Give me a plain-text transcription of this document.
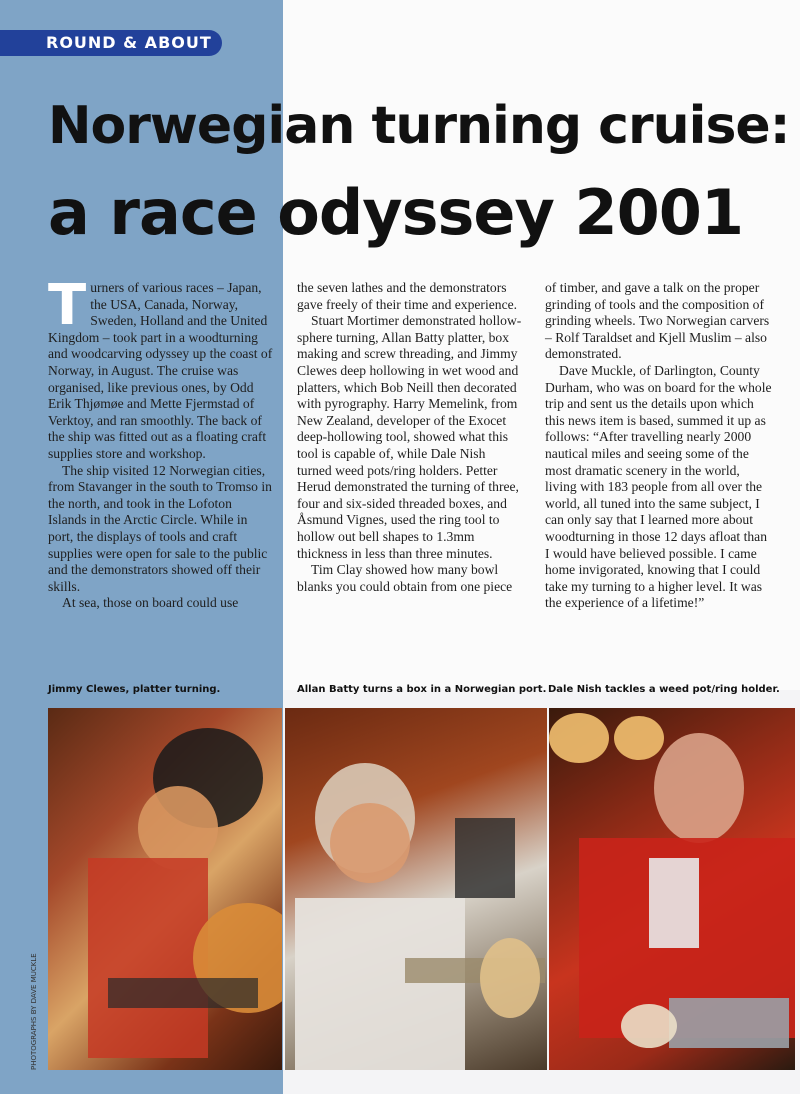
ROUND & ABOUT
Norwegian turning cruise:
a race odyssey 2001

Turners of various races – Japan, the USA, Canada, Norway, Sweden, Holland and the United Kingdom – took part in a woodturning and woodcarving odyssey up the coast of Norway, in August. The cruise was organised, like previous ones, by Odd Erik Thjømøe and Mette Fjermstad of Verktoy, and ran smoothly. The back of the ship was fitted out as a floating craft supplies store and workshop.

The ship visited 12 Norwegian cities, from Stavanger in the south to Tromso in the north, and took in the Lofoton Islands in the Arctic Circle. While in port, the displays of tools and craft supplies were open for sale to the public and the demonstrators showed off their skills.

At sea, those on board could use

the seven lathes and the demonstrators gave freely of their time and experience.

Stuart Mortimer demonstrated hollow-sphere turning, Allan Batty platter, box making and screw threading, and Jimmy Clewes deep hollowing in wet wood and platters, which Bob Neill then decorated with pyrography. Harry Memelink, from New Zealand, developer of the Exocet deep-hollowing tool, showed what this tool is capable of, while Dale Nish turned weed pots/ring holders. Petter Herud demonstrated the turning of three, four and six-sided threaded boxes, and Åsmund Vignes, used the ring tool to hollow out bell shapes to 1.3mm thickness in less than three minutes.

Tim Clay showed how many bowl blanks you could obtain from one piece

of timber, and gave a talk on the proper grinding of tools and the composition of grinding wheels. Two Norwegian carvers – Rolf Taraldset and Kjell Muslim – also demonstrated.

Dave Muckle, of Darlington, County Durham, who was on board for the whole trip and sent us the details upon which this news item is based, summed it up as follows: “After travelling nearly 2000 nautical miles and seeing some of the most dramatic scenery in the world, living with 183 people from all over the world, all tuned into the same subject, I can only say that I learned more about woodturning in those 12 days afloat than I would have believed possible. I came home invigorated, knowing that I could take my turning to a higher level. It was the experience of a lifetime!”

Jimmy Clewes, platter turning.	Allan Batty turns a box in a Norwegian port. Dale Nish tackles a weed pot/ring holder.
PHOTOGRAPHS BY DAVE MUCKLE
